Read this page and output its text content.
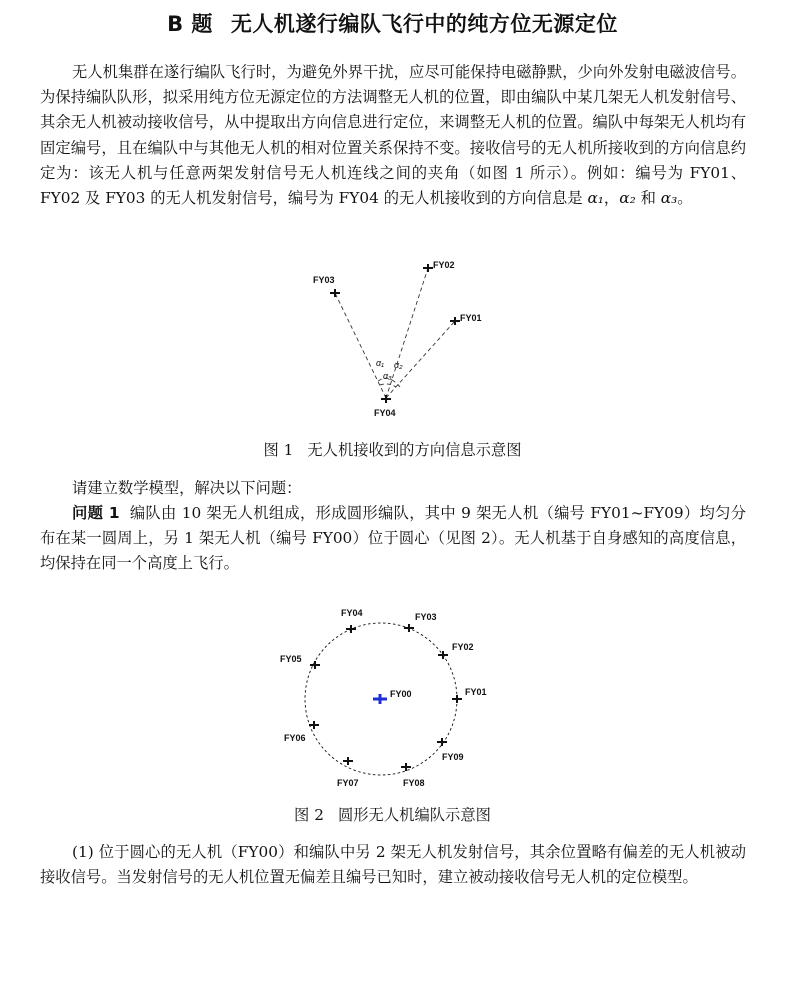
B 题 无人机遂行编队飞行中的纯方位无源定位

无人机集群在遂行编队飞行时，为避免外界干扰，应尽可能保持电磁静默，少向外发射电磁波信号。为保持编队队形，拟采用纯方位无源定位的方法调整无人机的位置，即由编队中某几架无人机发射信号、其余无人机被动接收信号，从中提取出方向信息进行定位，来调整无人机的位置。编队中每架无人机均有固定编号，且在编队中与其他无人机的相对位置关系保持不变。接收信号的无人机所接收到的方向信息约定为：该无人机与任意两架发射信号无人机连线之间的夹角（如图 1 所示）。例如：编号为 FY01、FY02 及 FY03 的无人机发射信号，编号为 FY04 的无人机接收到的方向信息是 α₁，α₂ 和 α₃。

FY03
FY02
FY01
FY04
α₁ α₂
α₃
图 1 无人机接收到的方向信息示意图

请建立数学模型，解决以下问题：

问题 1 编队由 10 架无人机组成，形成圆形编队，其中 9 架无人机（编号 FY01~FY09）均匀分布在某一圆周上，另 1 架无人机（编号 FY00）位于圆心（见图 2）。无人机基于自身感知的高度信息，均保持在同一个高度上飞行。

FY00	FY01
FY02
FY03
FY04
FY05
FY06
FY07	FY08
FY09
图 2 圆形无人机编队示意图

(1) 位于圆心的无人机（FY00）和编队中另 2 架无人机发射信号，其余位置略有偏差的无人机被动接收信号。当发射信号的无人机位置无偏差且编号已知时，建立被动接收信号无人机的定位模型。
